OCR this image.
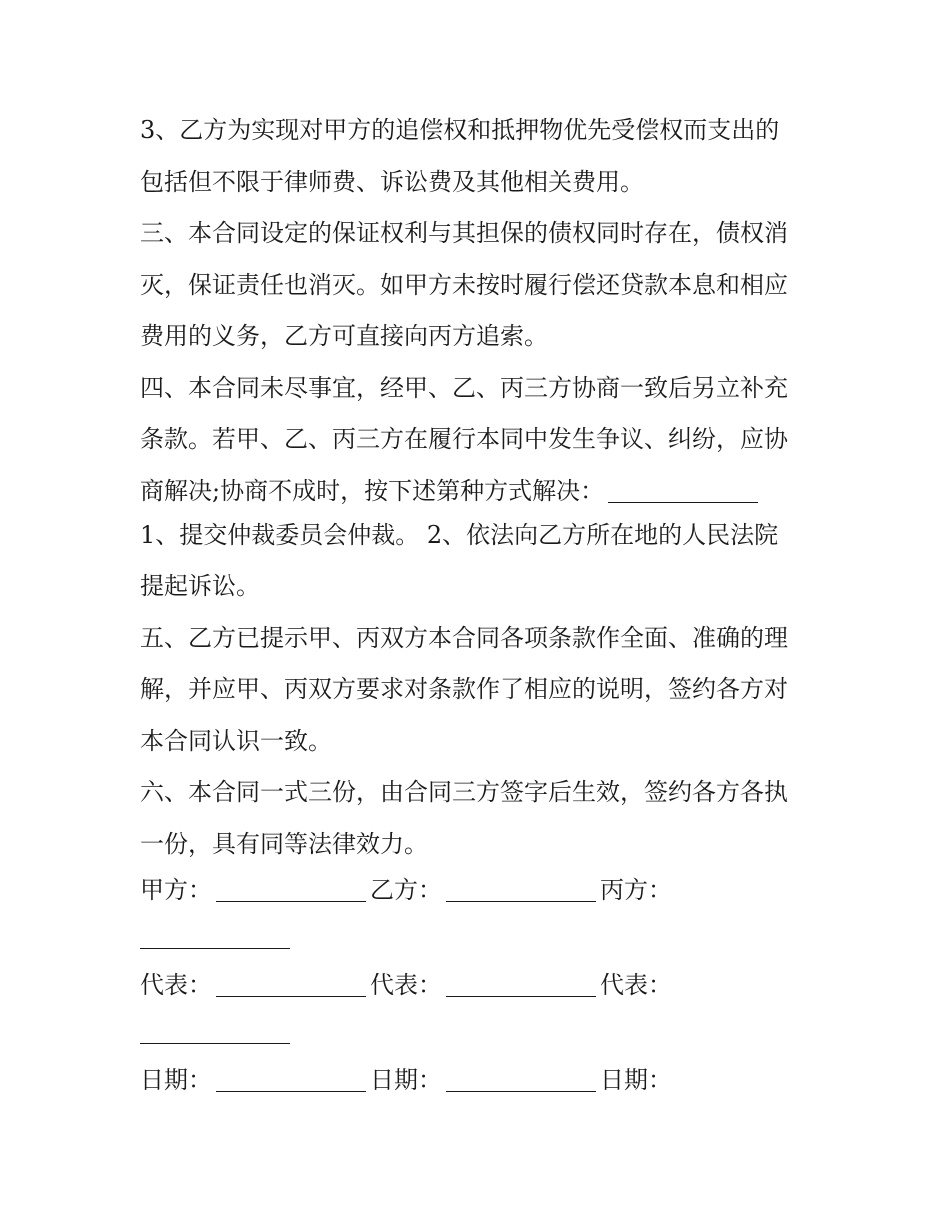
3、乙方为实现对甲方的追偿权和抵押物优先受偿权而支出的
包括但不限于律师费、诉讼费及其他相关费用。
三、本合同设定的保证权利与其担保的债权同时存在，债权消
灭，保证责任也消灭。如甲方未按时履行偿还贷款本息和相应
费用的义务，乙方可直接向丙方追索。
四、本合同未尽事宜，经甲、乙、丙三方协商一致后另立补充
条款。若甲、乙、丙三方在履行本同中发生争议、纠纷，应协
商解决;协商不成时，按下述第种方式解决：
1、提交仲裁委员会仲裁。 2、依法向乙方所在地的人民法院
提起诉讼。
五、乙方已提示甲、丙双方本合同各项条款作全面、准确的理
解，并应甲、丙双方要求对条款作了相应的说明，签约各方对
本合同认识一致。
六、本合同一式三份，由合同三方签字后生效，签约各方各执
一份，具有同等法律效力。
甲方：	乙方：	丙方：
代表：	代表：	代表：
日期：	日期：	日期：
